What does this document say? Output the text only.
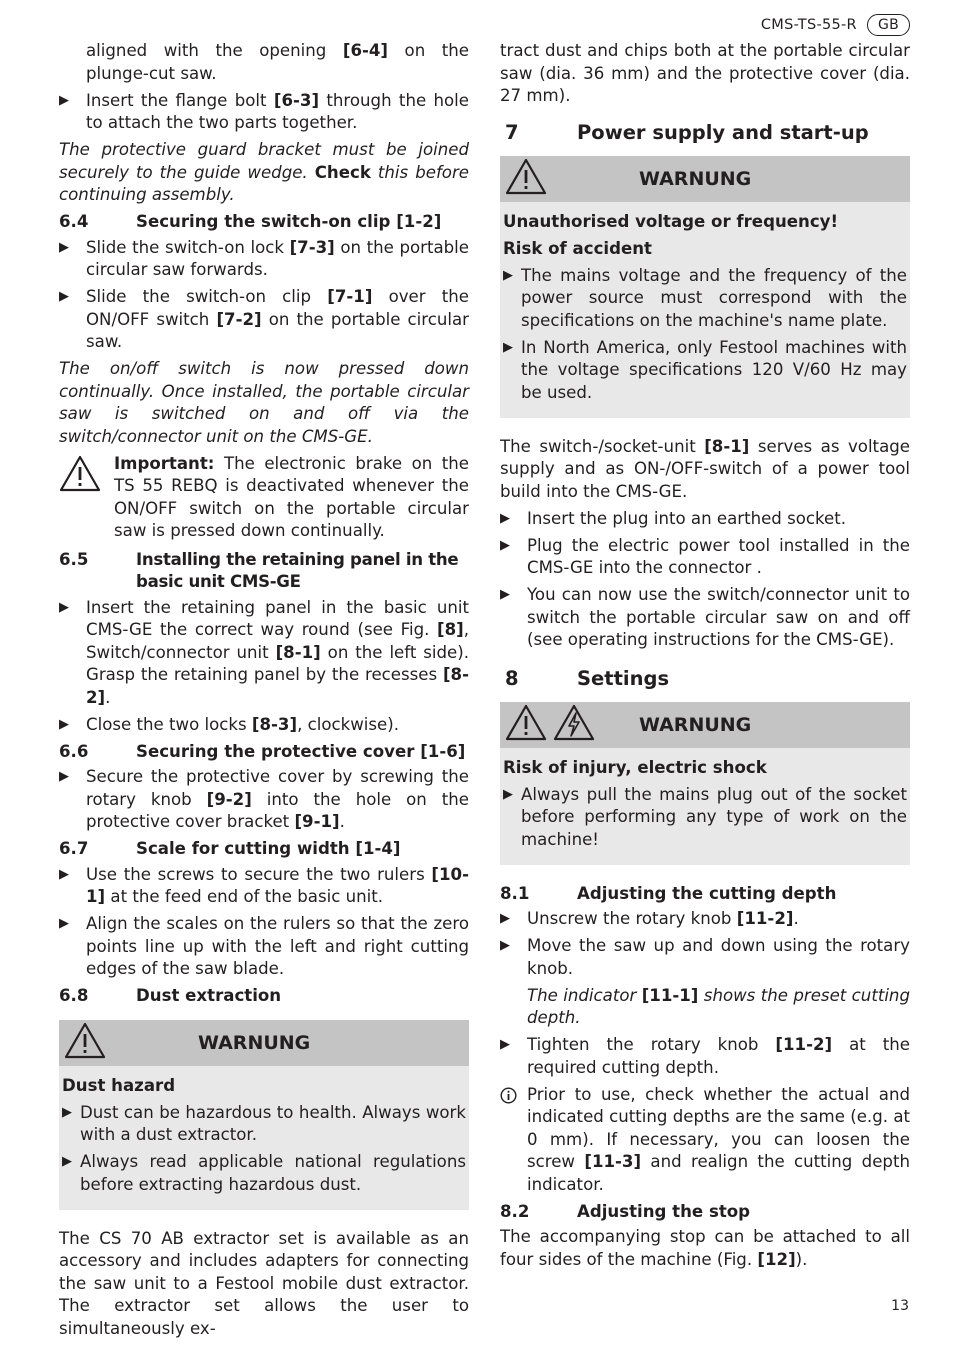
CMS-TS-55-R	GB

aligned with the opening [6-4] on the plunge-cut saw.

▶	Insert the flange bolt [6-3] through the hole to attach the two parts together.

The protective guard bracket must be joined securely to the guide wedge. Check this before continuing assembly.

6.4	Securing the switch-on clip [1-2]
▶	Slide the switch-on lock [7-3] on the portable circular saw forwards.
▶	Slide the switch-on clip [7-1] over the ON/OFF switch [7-2] on the portable circular saw.

The on/off switch is now pressed down continually. Once installed, the portable circular saw is switched on and off via the switch/connector unit on the CMS-GE.

Important: The electronic brake on the TS 55 REBQ is deactivated whenever the ON/OFF switch on the portable circular saw is pressed down continually.
6.5	Installing the retaining panel in the basic unit CMS-GE
▶	Insert the retaining panel in the basic unit CMS-GE the correct way round (see Fig. [8], Switch/connector unit [8-1] on the left side). Grasp the retaining panel by the recesses [8-2].
▶	Close the two locks [8-3], clockwise).
6.6	Securing the protective cover [1-6]
▶	Secure the protective cover by screwing the rotary knob [9-2] into the hole on the protective cover bracket [9-1].
6.7	Scale for cutting width [1-4]
▶	Use the screws to secure the two rulers [10-1] at the feed end of the basic unit.
▶	Align the scales on the rulers so that the zero points line up with the left and right cutting edges of the saw blade.
6.8	Dust extraction
WARNUNG
Dust hazard
▶ Dust can be hazardous to health. Always work with a dust extractor.
▶ Always read applicable national regulations before extracting hazardous dust.

The CS 70 AB extractor set is available as an accessory and includes adapters for connecting the saw unit to a Festool mobile dust extractor. The extractor set allows the user to simultaneously ex-

tract dust and chips both at the portable circular saw (dia. 36 mm) and the protective cover (dia. 27 mm).

7	Power supply and start-up
WARNUNG
Unauthorised voltage or frequency!
Risk of accident
▶ The mains voltage and the frequency of the power source must correspond with the specifications on the machine's name plate.
▶ In North America, only Festool machines with the voltage specifications 120 V/60 Hz may be used.

The switch-/socket-unit [8-1] serves as voltage supply and as ON-/OFF-switch of a power tool build into the CMS-GE.

▶	Insert the plug into an earthed socket.
▶	Plug the electric power tool installed in the CMS-GE into the connector .
▶	You can now use the switch/connector unit to switch the portable circular saw on and off (see operating instructions for the CMS-GE).
8	Settings
WARNUNG
Risk of injury, electric shock
▶ Always pull the mains plug out of the socket before performing any type of work on the machine!
8.1	Adjusting the cutting depth
▶	Unscrew the rotary knob [11-2].
▶	Move the saw up and down using the rotary knob.

The indicator [11-1] shows the preset cutting depth.

▶	Tighten the rotary knob [11-2] at the required cutting depth.
Prior to use, check whether the actual and indicated cutting depths are the same (e.g. at 0 mm). If necessary, you can loosen the screw [11-3] and realign the cutting depth indicator.
8.2	Adjusting the stop

The accompanying stop can be attached to all four sides of the machine (Fig. [12]).

13
